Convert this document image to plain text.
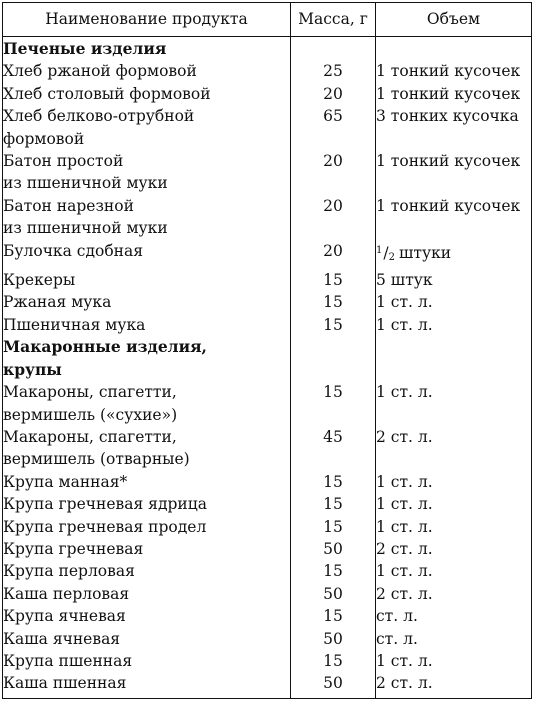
Наименование продукта	Масса, г	Объем

Печеные изделия		

Хлеб ржаной формовой	25	1 тонкий кусочек

Хлеб столовый формовой	20	1 тонкий кусочек

Хлеб белково-отрубной
формовой	65	3 тонких кусочка

Батон простой
из пшеничной муки	20	1 тонкий кусочек

Батон нарезной
из пшеничной муки	20	1 тонкий кусочек

Булочка сдобная	20	$^1/_2$ штуки

Крекеры	15	5 штук

Ржаная мука	15	1 ст. л.

Пшеничная мука	15	1 ст. л.

Макаронные изделия,
крупы		

Макароны, спагетти,
вермишель («сухие»)	15	1 ст. л.

Макароны, спагетти,
вермишель (отварные)	45	2 ст. л.

Крупа манная*	15	1 ст. л.

Крупа гречневая ядрица	15	1 ст. л.

Крупа гречневая продел	15	1 ст. л.

Крупа гречневая	50	2 ст. л.

Крупа перловая	15	1 ст. л.

Каша перловая	50	2 ст. л.

Крупа ячневая	15	ст. л.

Каша ячневая	50	ст. л.

Крупа пшенная	15	1 ст. л.

Каша пшенная	50	2 ст. л.
